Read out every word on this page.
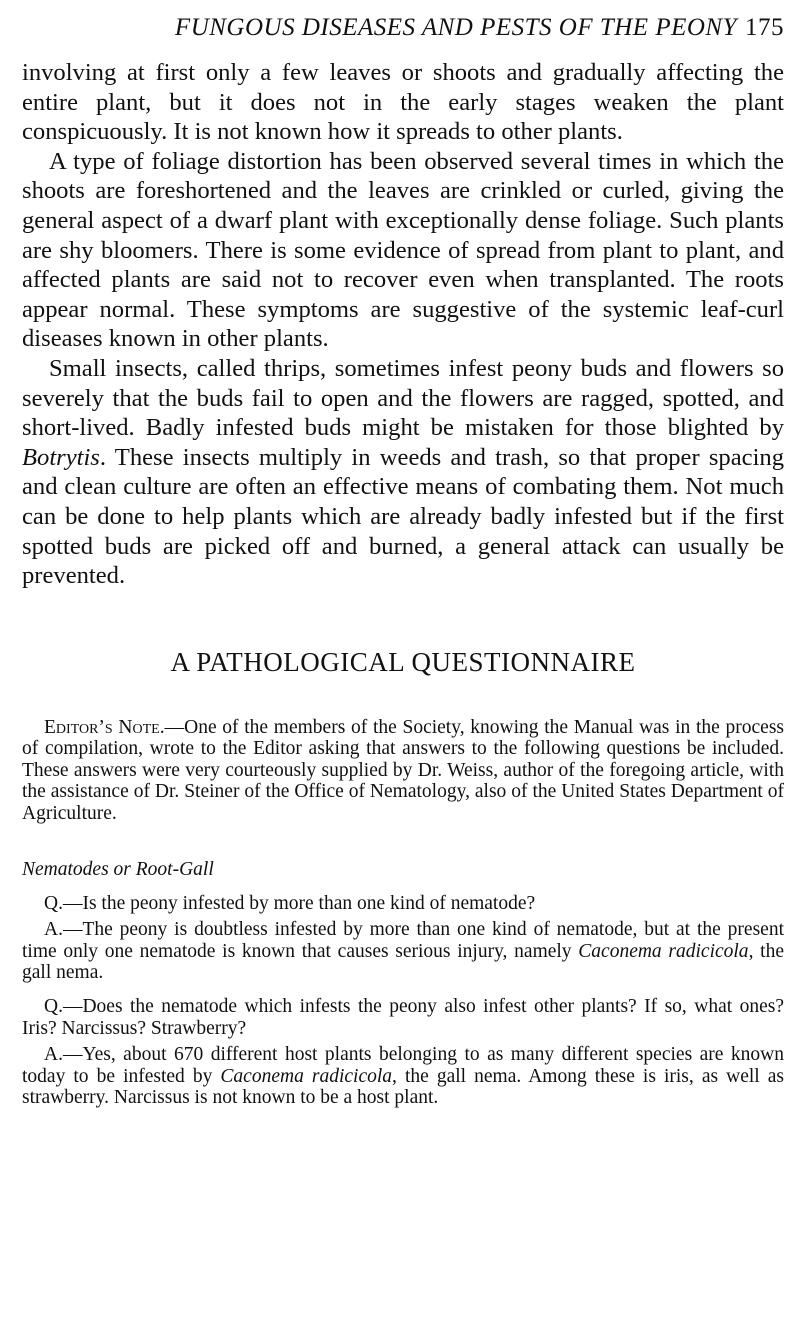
FUNGOUS DISEASES AND PESTS OF THE PEONY 175

involving at first only a few leaves or shoots and gradually affecting the entire plant, but it does not in the early stages weaken the plant conspicuously. It is not known how it spreads to other plants.

A type of foliage distortion has been observed several times in which the shoots are foreshortened and the leaves are crinkled or curled, giving the general aspect of a dwarf plant with exceptionally dense foliage. Such plants are shy bloomers. There is some evidence of spread from plant to plant, and affected plants are said not to recover even when transplanted. The roots appear normal. These symptoms are suggestive of the systemic leaf-curl diseases known in other plants.

Small insects, called thrips, sometimes infest peony buds and flowers so severely that the buds fail to open and the flowers are ragged, spotted, and short-lived. Badly infested buds might be mistaken for those blighted by Botrytis. These insects multiply in weeds and trash, so that proper spacing and clean culture are often an effective means of combating them. Not much can be done to help plants which are already badly infested but if the first spotted buds are picked off and burned, a general attack can usually be prevented.

A PATHOLOGICAL QUESTIONNAIRE

Editor’s Note.—One of the members of the Society, knowing the Manual was in the process of compilation, wrote to the Editor asking that answers to the following questions be included. These answers were very courteously supplied by Dr. Weiss, author of the foregoing article, with the assistance of Dr. Steiner of the Office of Nematology, also of the United States Department of Agriculture.

Nematodes or Root-Gall

Q.—Is the peony infested by more than one kind of nematode?

A.—The peony is doubtless infested by more than one kind of nematode, but at the present time only one nematode is known that causes serious injury, namely Caconema radicicola, the gall nema.

Q.—Does the nematode which infests the peony also infest other plants? If so, what ones? Iris? Narcissus? Strawberry?

A.—Yes, about 670 different host plants belonging to as many different species are known today to be infested by Caconema radicicola, the gall nema. Among these is iris, as well as strawberry. Narcissus is not known to be a host plant.
